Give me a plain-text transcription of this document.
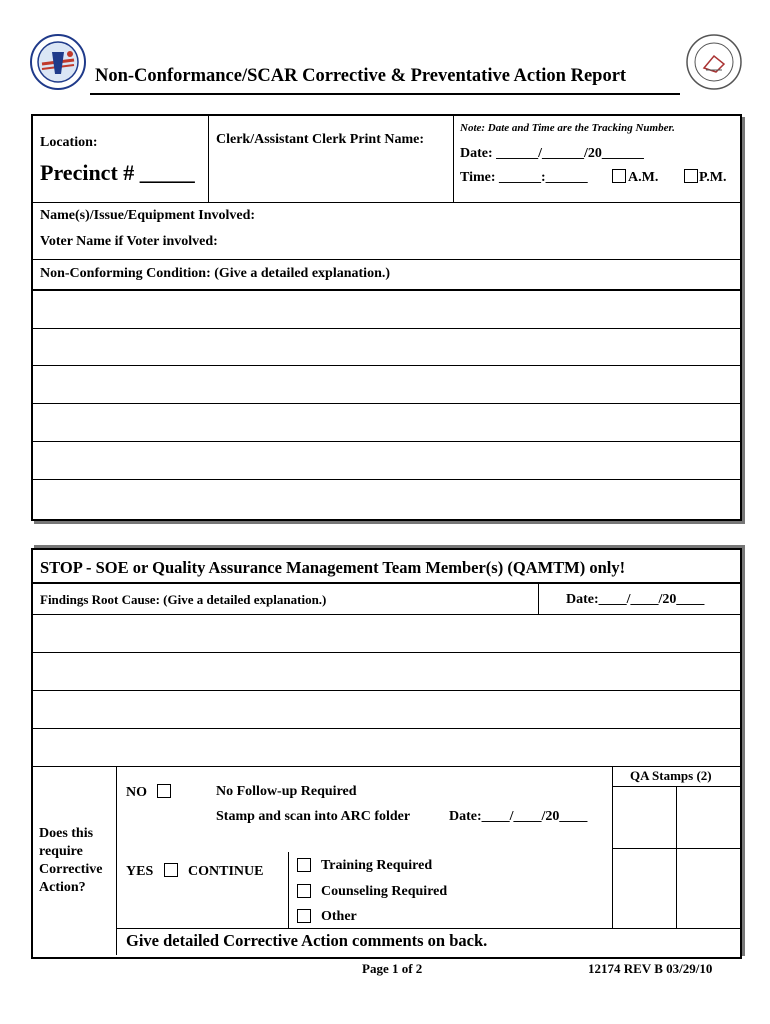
Non-Conformance/SCAR Corrective & Preventative Action Report
Location:
Precinct # _____
Clerk/Assistant Clerk Print Name:
Note: Date and Time are the Tracking Number.
Date: ______/______/20______
Time: ______:______	A.M.	P.M.
Name(s)/Issue/Equipment Involved:
Voter Name if Voter involved:
Non-Conforming Condition: (Give a detailed explanation.)
STOP - SOE or Quality Assurance Management Team Member(s) (QAMTM) only!
Findings Root Cause: (Give a detailed explanation.)	Date:____/____/20____
QA Stamps (2)
Does this require Corrective Action?
NO	No Follow-up Required
Stamp and scan into ARC folder	Date:____/____/20____
YES CONTINUE	Training Required
Counseling Required
Other
Give detailed Corrective Action comments on back.
Page 1 of 2	12174 REV B 03/29/10
